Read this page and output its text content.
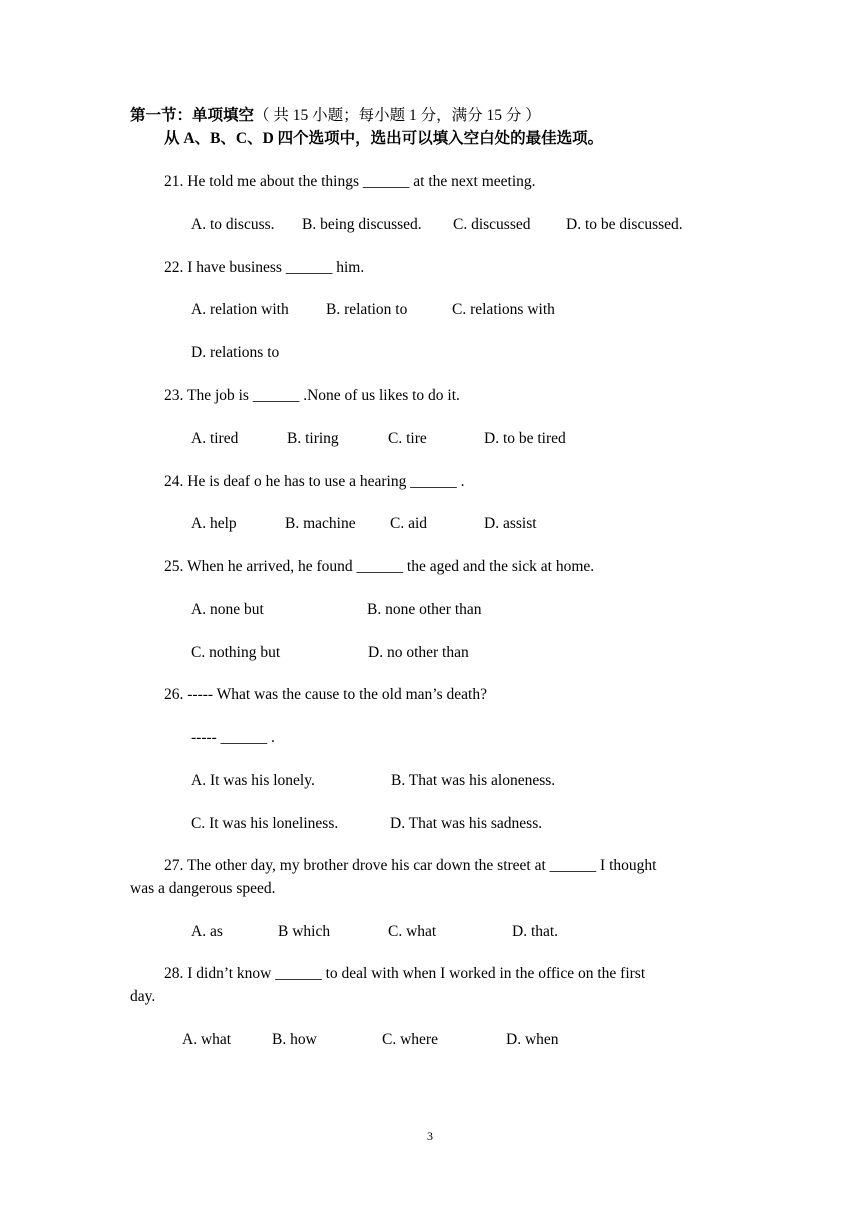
第一节：单项填空（ 共 15 小题；每小题 1 分，满分 15 分 ）
从 A、B、C、D 四个选项中，选出可以填入空白处的最佳选项。
21. He told me about the things ______ at the next meeting.
A. to discuss. B. being discussed. C. discussed D. to be discussed.
22. I have business ______ him.
A. relation with B. relation to	C. relations with
D. relations to
23. The job is ______ .None of us likes to do it.
A. tired	B. tiring	C. tire	D. to be tired
24. He is deaf o he has to use a hearing ______ .
A. help	B. machine C. aid	D. assist
25. When he arrived, he found ______ the aged and the sick at home.
A. none but	B. none other than
C. nothing but	D. no other than
26. ----- What was the cause to the old man’s death?
----- ______ .
A. It was his lonely.	B. That was his aloneness.
C. It was his loneliness.	D. That was his sadness.
27. The other day, my brother drove his car down the street at ______ I thought
was a dangerous speed.
A. as	B which	C. what	D. that.
28. I didn’t know ______ to deal with when I worked in the office on the first
day.
A. what	B. how	C. where	D. when
3
